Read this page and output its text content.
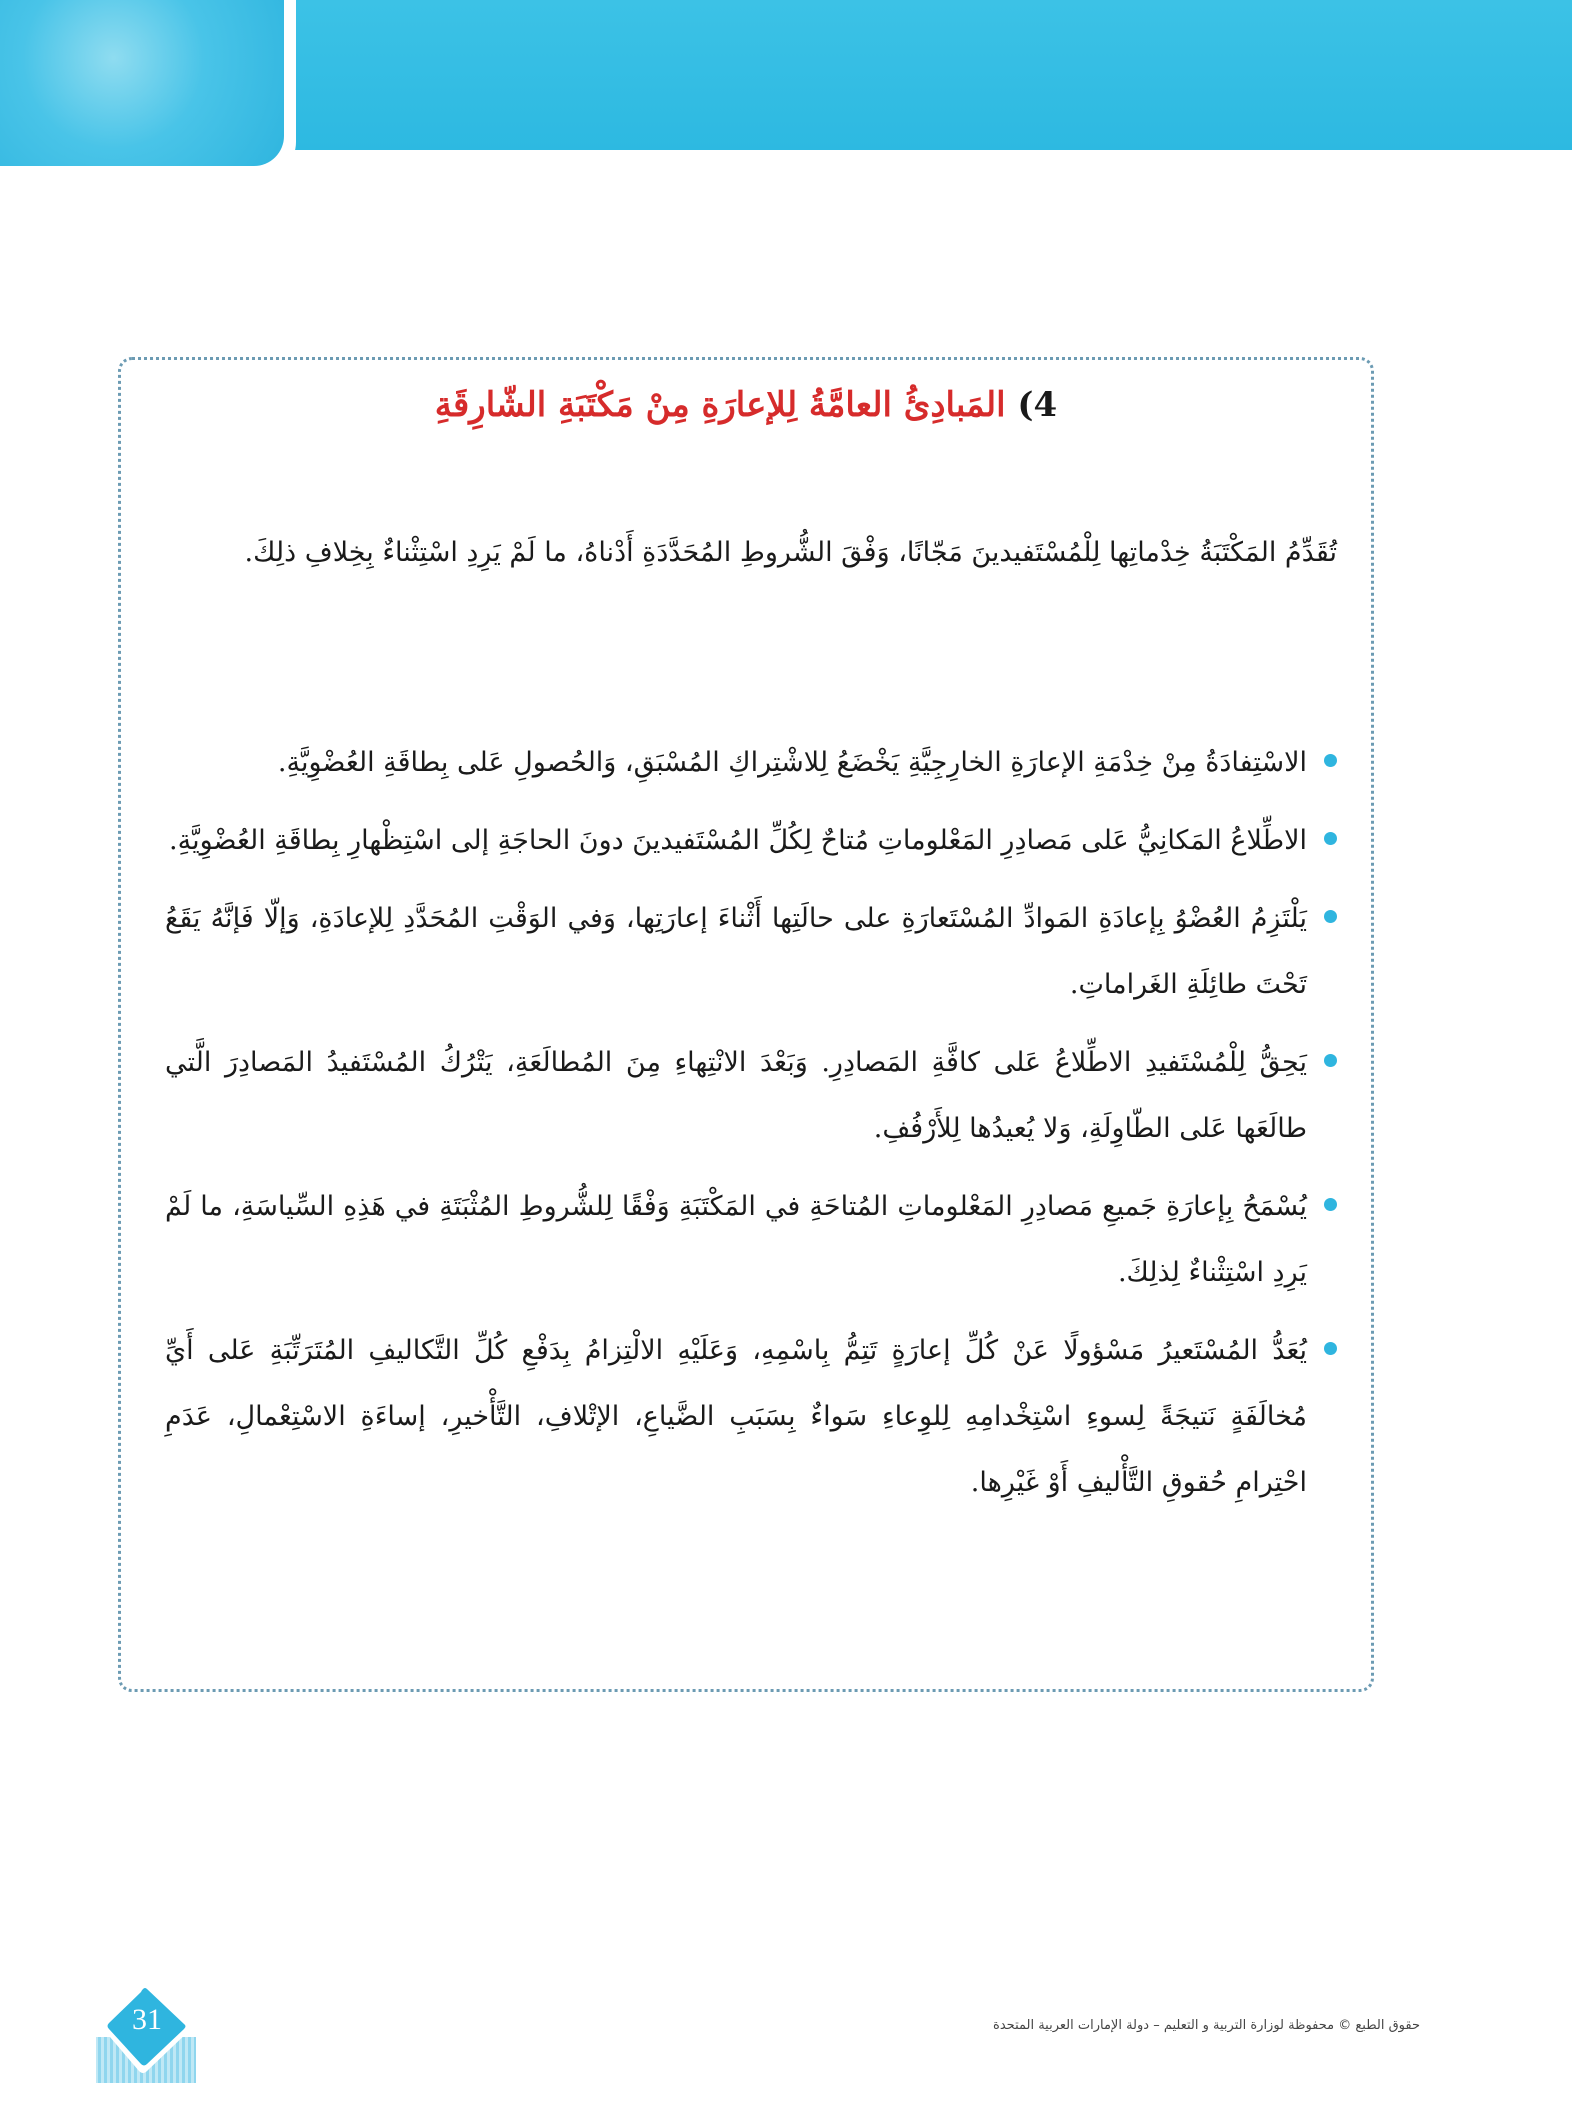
4) المَبادِئُ العامَّةُ لِلإعارَةِ مِنْ مَكْتَبَةِ الشّارِقَةِ

تُقَدِّمُ المَكْتَبَةُ خِدْماتِها لِلْمُسْتَفيدينَ مَجّانًا، وَفْقَ الشُّروطِ المُحَدَّدَةِ أَدْناهُ، ما لَمْ يَرِدِ اسْتِثْناءٌ بِخِلافِ ذلِكَ.

الاسْتِفادَةُ مِنْ خِدْمَةِ الإعارَةِ الخارِجِيَّةِ يَخْضَعُ لِلاشْتِراكِ المُسْبَقِ، وَالحُصولِ عَلى بِطاقَةِ العُضْوِيَّةِ.
الاطِّلاعُ المَكانِيُّ عَلى مَصادِرِ المَعْلوماتِ مُتاحٌ لِكُلِّ المُسْتَفيدينَ دونَ الحاجَةِ إلى اسْتِظْهارِ بِطاقَةِ العُضْوِيَّةِ.
يَلْتَزِمُ العُضْوُ بِإعادَةِ المَوادِّ المُسْتَعارَةِ على حالَتِها أَثْناءَ إعارَتِها، وَفي الوَقْتِ المُحَدَّدِ لِلإعادَةِ، وَإلّا فَإنَّهُ يَقَعُ تَحْتَ طائِلَةِ الغَراماتِ.
يَحِقُّ لِلْمُسْتَفيدِ الاطِّلاعُ عَلى كافَّةِ المَصادِرِ. وَبَعْدَ الانْتِهاءِ مِنَ المُطالَعَةِ، يَتْرُكُ المُسْتَفيدُ المَصادِرَ الَّتي طالَعَها عَلى الطّاوِلَةِ، وَلا يُعيدُها لِلأَرْفُفِ.
يُسْمَحُ بِإعارَةِ جَميعِ مَصادِرِ المَعْلوماتِ المُتاحَةِ في المَكْتَبَةِ وَفْقًا لِلشُّروطِ المُثْبَتَةِ في هَذِهِ السِّياسَةِ، ما لَمْ يَرِدِ اسْتِثْناءٌ لِذلِكَ.
يُعَدُّ المُسْتَعيرُ مَسْؤولًا عَنْ كُلِّ إعارَةٍ تَتِمُّ بِاسْمِهِ، وَعَلَيْهِ الالْتِزامُ بِدَفْعِ كُلِّ التَّكاليفِ المُتَرَتِّبَةِ عَلى أَيِّ مُخالَفَةٍ نَتيجَةً لِسوءِ اسْتِخْدامِهِ لِلوِعاءِ سَواءٌ بِسَبَبِ الضَّياعِ، الإتْلافِ، التَّأْخيرِ، إساءَةِ الاسْتِعْمالِ، عَدَمِ احْتِرامِ حُقوقِ التَّأْليفِ أَوْ غَيْرِها.
31	حقوق الطبع © محفوظة لوزارة التربية و التعليم – دولة الإمارات العربية المتحدة
